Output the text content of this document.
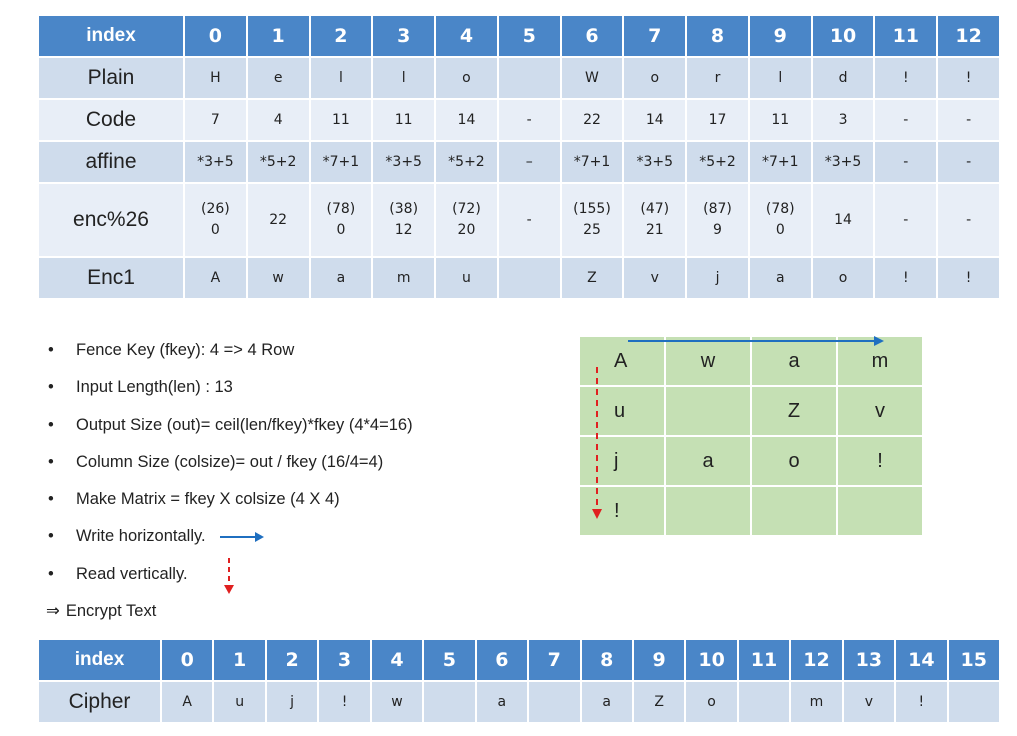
index	0	1	2	3	4	5	6	7	8	9	10	11	12
Plain	H	e	l	l	o		W	o	r	l	d	!	!

Code	7	4	11	11	14	-	22	14	17	11	3	-	-

affine	*3+5	*5+2	*7+1	*3+5	*5+2	–	*7+1	*3+5	*5+2	*7+1	*3+5	-	-

enc%26	(26)
0	22	(78)
0	(38)
12	(72)
20	-	(155)
25	(47)
21	(87)
9	(78)
0	14	-	-

Enc1	A	w	a	m	u		Z	v	j	a	o	!	!
• Fence Key (fkey): 4 => 4 Row
• Input Length(len) : 13
• Output Size (out)= ceil(len/fkey)*fkey (4*4=16)
• Column Size (colsize)= out / fkey (16/4=4)
• Make Matrix = fkey X colsize (4 X 4)
• Write horizontally.
• Read vertically.
⇒ Encrypt Text
A	w	a	m
u		Z	v
j	a	o	!
!			
index	0	1	2	3	4	5	6	7	8	9	10	11	12	13	14	15
Cipher	A	u	j	!	w		a		a	Z	o		m	v	!	
